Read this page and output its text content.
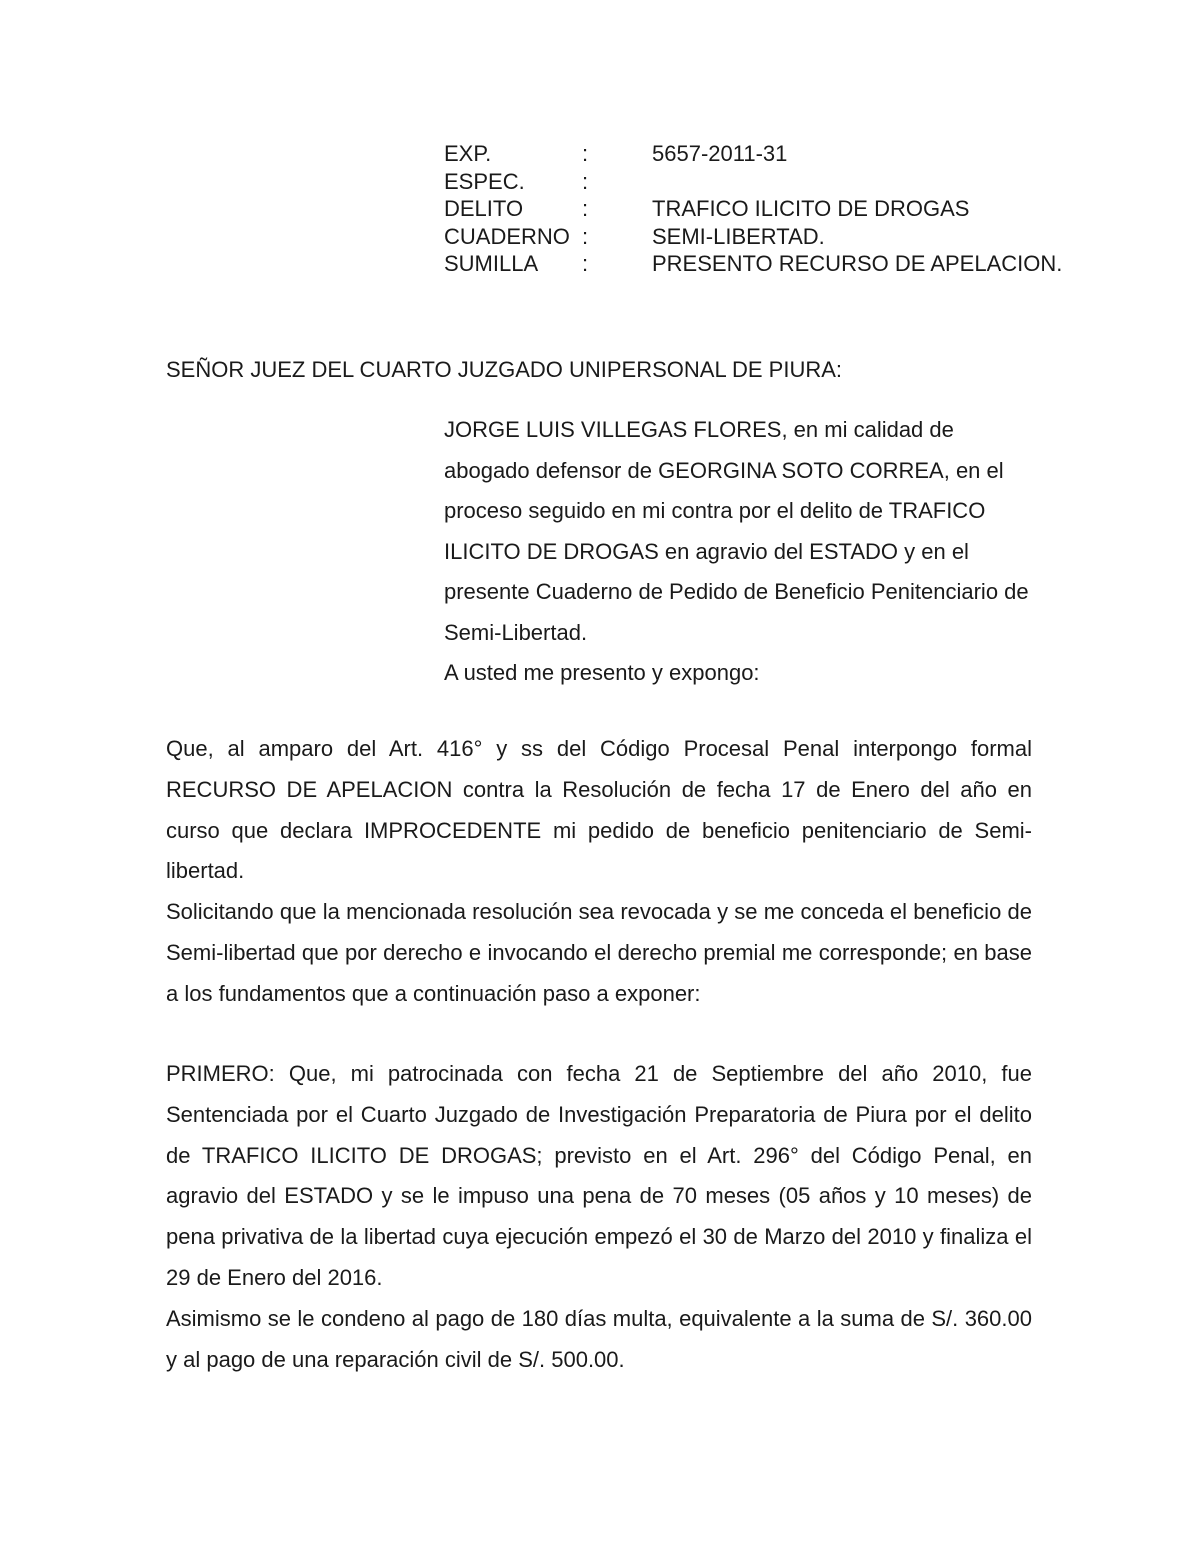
EXP.	:	5657-2011-31
ESPEC.	:
DELITO	:	TRAFICO ILICITO DE DROGAS
CUADERNO :	SEMI-LIBERTAD.
SUMILLA	:	PRESENTO RECURSO DE APELACION.
SEÑOR JUEZ DEL CUARTO JUZGADO UNIPERSONAL DE PIURA:

JORGE LUIS VILLEGAS FLORES, en mi calidad de abogado defensor de GEORGINA SOTO CORREA, en el proceso seguido en mi contra por el delito de TRAFICO ILICITO DE DROGAS en agravio del ESTADO y en el presente Cuaderno de Pedido de Beneficio Penitenciario de Semi-Libertad.

A usted me presento y expongo:

Que, al amparo del Art. 416° y ss del Código Procesal Penal interpongo formal RECURSO DE APELACION contra la Resolución de fecha 17 de Enero del año en curso que declara IMPROCEDENTE mi pedido de beneficio penitenciario de Semi-libertad.

Solicitando que la mencionada resolución sea revocada y se me conceda el beneficio de Semi-libertad que por derecho e invocando el derecho premial me corresponde; en base a los fundamentos que a continuación paso a exponer:

PRIMERO: Que, mi patrocinada con fecha 21 de Septiembre del año 2010, fue Sentenciada por el Cuarto Juzgado de Investigación Preparatoria de Piura por el delito de TRAFICO ILICITO DE DROGAS; previsto en el Art. 296° del Código Penal, en agravio del ESTADO y se le impuso una pena de 70 meses (05 años y 10 meses) de pena privativa de la libertad cuya ejecución empezó el 30 de Marzo del 2010 y finaliza el 29 de Enero del 2016.

Asimismo se le condeno al pago de 180 días multa, equivalente a la suma de S/. 360.00 y al pago de una reparación civil de S/. 500.00.
